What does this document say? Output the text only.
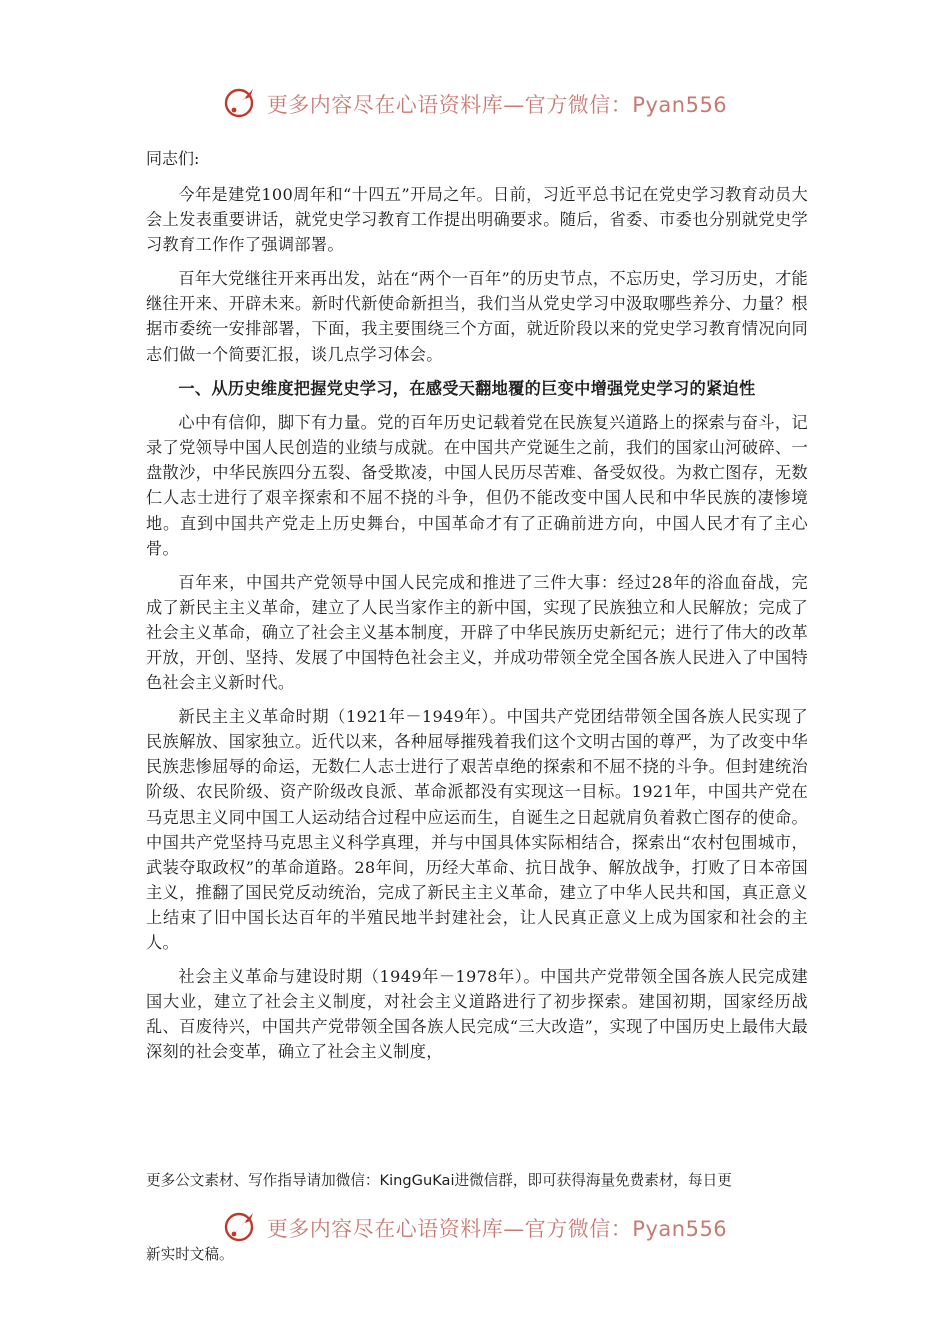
更多内容尽在心语资料库—官方微信：Pyan556

同志们:

今年是建党100周年和“十四五”开局之年。日前，习近平总书记在党史学习教育动员大会上发表重要讲话，就党史学习教育工作提出明确要求。随后，省委、市委也分别就党史学习教育工作作了强调部署。

百年大党继往开来再出发，站在“两个一百年”的历史节点，不忘历史，学习历史，才能继往开来、开辟未来。新时代新使命新担当，我们当从党史学习中汲取哪些养分、力量？根据市委统一安排部署，下面，我主要围绕三个方面，就近阶段以来的党史学习教育情况向同志们做一个简要汇报，谈几点学习体会。

一、从历史维度把握党史学习，在感受天翻地覆的巨变中增强党史学习的紧迫性

心中有信仰，脚下有力量。党的百年历史记载着党在民族复兴道路上的探索与奋斗，记录了党领导中国人民创造的业绩与成就。在中国共产党诞生之前，我们的国家山河破碎、一盘散沙，中华民族四分五裂、备受欺凌，中国人民历尽苦难、备受奴役。为救亡图存，无数仁人志士进行了艰辛探索和不屈不挠的斗争，但仍不能改变中国人民和中华民族的凄惨境地。直到中国共产党走上历史舞台，中国革命才有了正确前进方向，中国人民才有了主心骨。

百年来，中国共产党领导中国人民完成和推进了三件大事：经过28年的浴血奋战，完成了新民主主义革命，建立了人民当家作主的新中国，实现了民族独立和人民解放；完成了社会主义革命，确立了社会主义基本制度，开辟了中华民族历史新纪元；进行了伟大的改革开放，开创、坚持、发展了中国特色社会主义，并成功带领全党全国各族人民进入了中国特色社会主义新时代。

新民主主义革命时期（1921年－1949年）。中国共产党团结带领全国各族人民实现了民族解放、国家独立。近代以来，各种屈辱摧残着我们这个文明古国的尊严，为了改变中华民族悲惨屈辱的命运，无数仁人志士进行了艰苦卓绝的探索和不屈不挠的斗争。但封建统治阶级、农民阶级、资产阶级改良派、革命派都没有实现这一目标。1921年，中国共产党在马克思主义同中国工人运动结合过程中应运而生，自诞生之日起就肩负着救亡图存的使命。中国共产党坚持马克思主义科学真理，并与中国具体实际相结合，探索出“农村包围城市，武装夺取政权”的革命道路。28年间，历经大革命、抗日战争、解放战争，打败了日本帝国主义，推翻了国民党反动统治，完成了新民主主义革命，建立了中华人民共和国，真正意义上结束了旧中国长达百年的半殖民地半封建社会，让人民真正意义上成为国家和社会的主人。

社会主义革命与建设时期（1949年－1978年）。中国共产党带领全国各族人民完成建国大业，建立了社会主义制度，对社会主义道路进行了初步探索。建国初期，国家经历战乱、百废待兴，中国共产党带领全国各族人民完成“三大改造”，实现了中国历史上最伟大最深刻的社会变革，确立了社会主义制度，

更多公文素材、写作指导请加微信：KingGuKai进微信群，即可获得海量免费素材，每日更
更多内容尽在心语资料库—官方微信：Pyan556
新实时文稿。
